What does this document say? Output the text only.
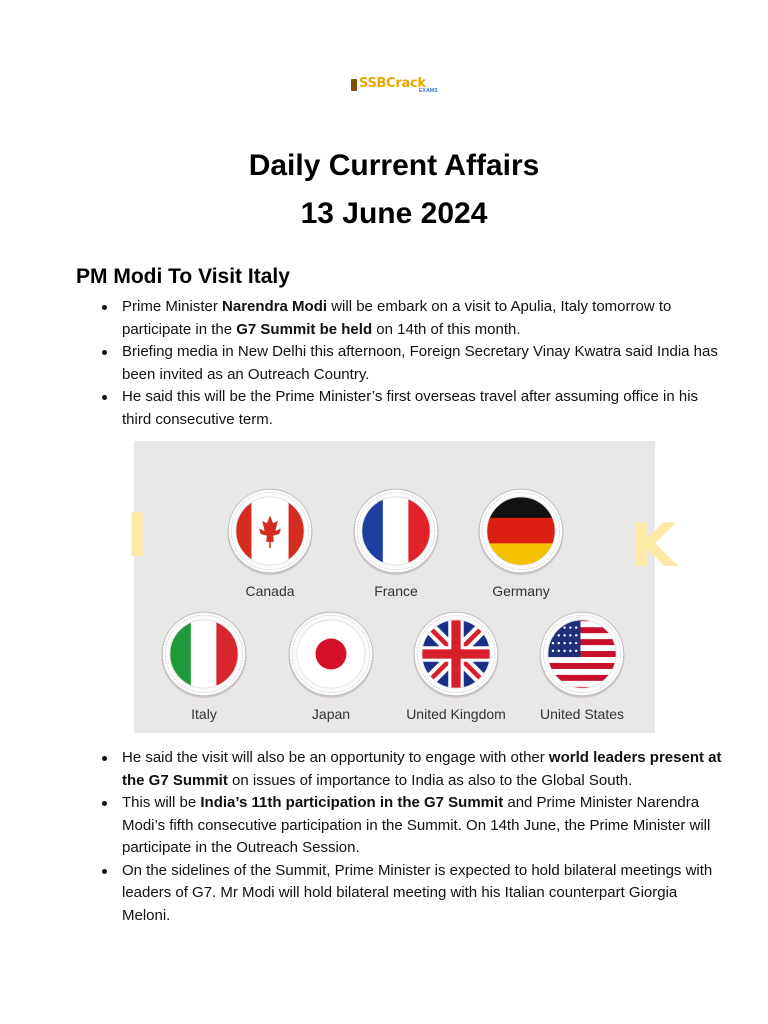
SSBCrack
EXAMS
Daily Current Affairs
13 June 2024
PM Modi To Visit Italy
Prime Minister Narendra Modi will be embark on a visit to Apulia, Italy tomorrow to participate in the G7 Summit be held on 14th of this month.
Briefing media in New Delhi this afternoon, Foreign Secretary Vinay Kwatra said India has been invited as an Outreach Country.
He said this will be the Prime Minister’s first overseas travel after assuming office in his third consecutive term.
I	K
Canada	France	Germany
Italy	Japan	United Kingdom	United States
He said the visit will also be an opportunity to engage with other world leaders present at the G7 Summit on issues of importance to India as also to the Global South.
This will be India’s 11th participation in the G7 Summit and Prime Minister Narendra Modi’s fifth consecutive participation in the Summit. On 14th June, the Prime Minister will participate in the Outreach Session.
On the sidelines of the Summit, Prime Minister is expected to hold bilateral meetings with leaders of G7. Mr Modi will hold bilateral meeting with his Italian counterpart Giorgia Meloni.
